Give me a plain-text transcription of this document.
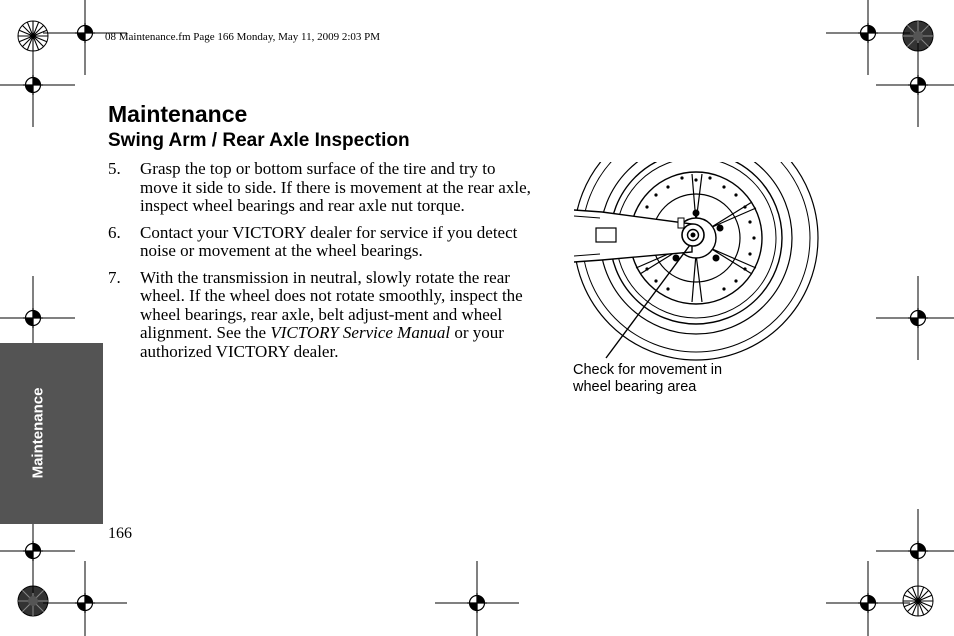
08 Maintenance.fm Page 166 Monday, May 11, 2009 2:03 PM
Maintenance
Swing Arm / Rear Axle Inspection
5.	Grasp the top or bottom surface of the tire and try to move it side to side. If there is movement at the rear axle, inspect wheel bearings and rear axle nut torque.
6.	Contact your VICTORY dealer for service if you detect noise or movement at the wheel bearings.
7.	With the transmission in neutral, slowly rotate the rear wheel. If the wheel does not rotate smoothly, inspect the wheel bearings, rear axle, belt adjust-ment and wheel alignment. See the VICTORY Service Manual or your authorized VICTORY dealer.
Check for movement in
wheel bearing area
Maintenance
166
